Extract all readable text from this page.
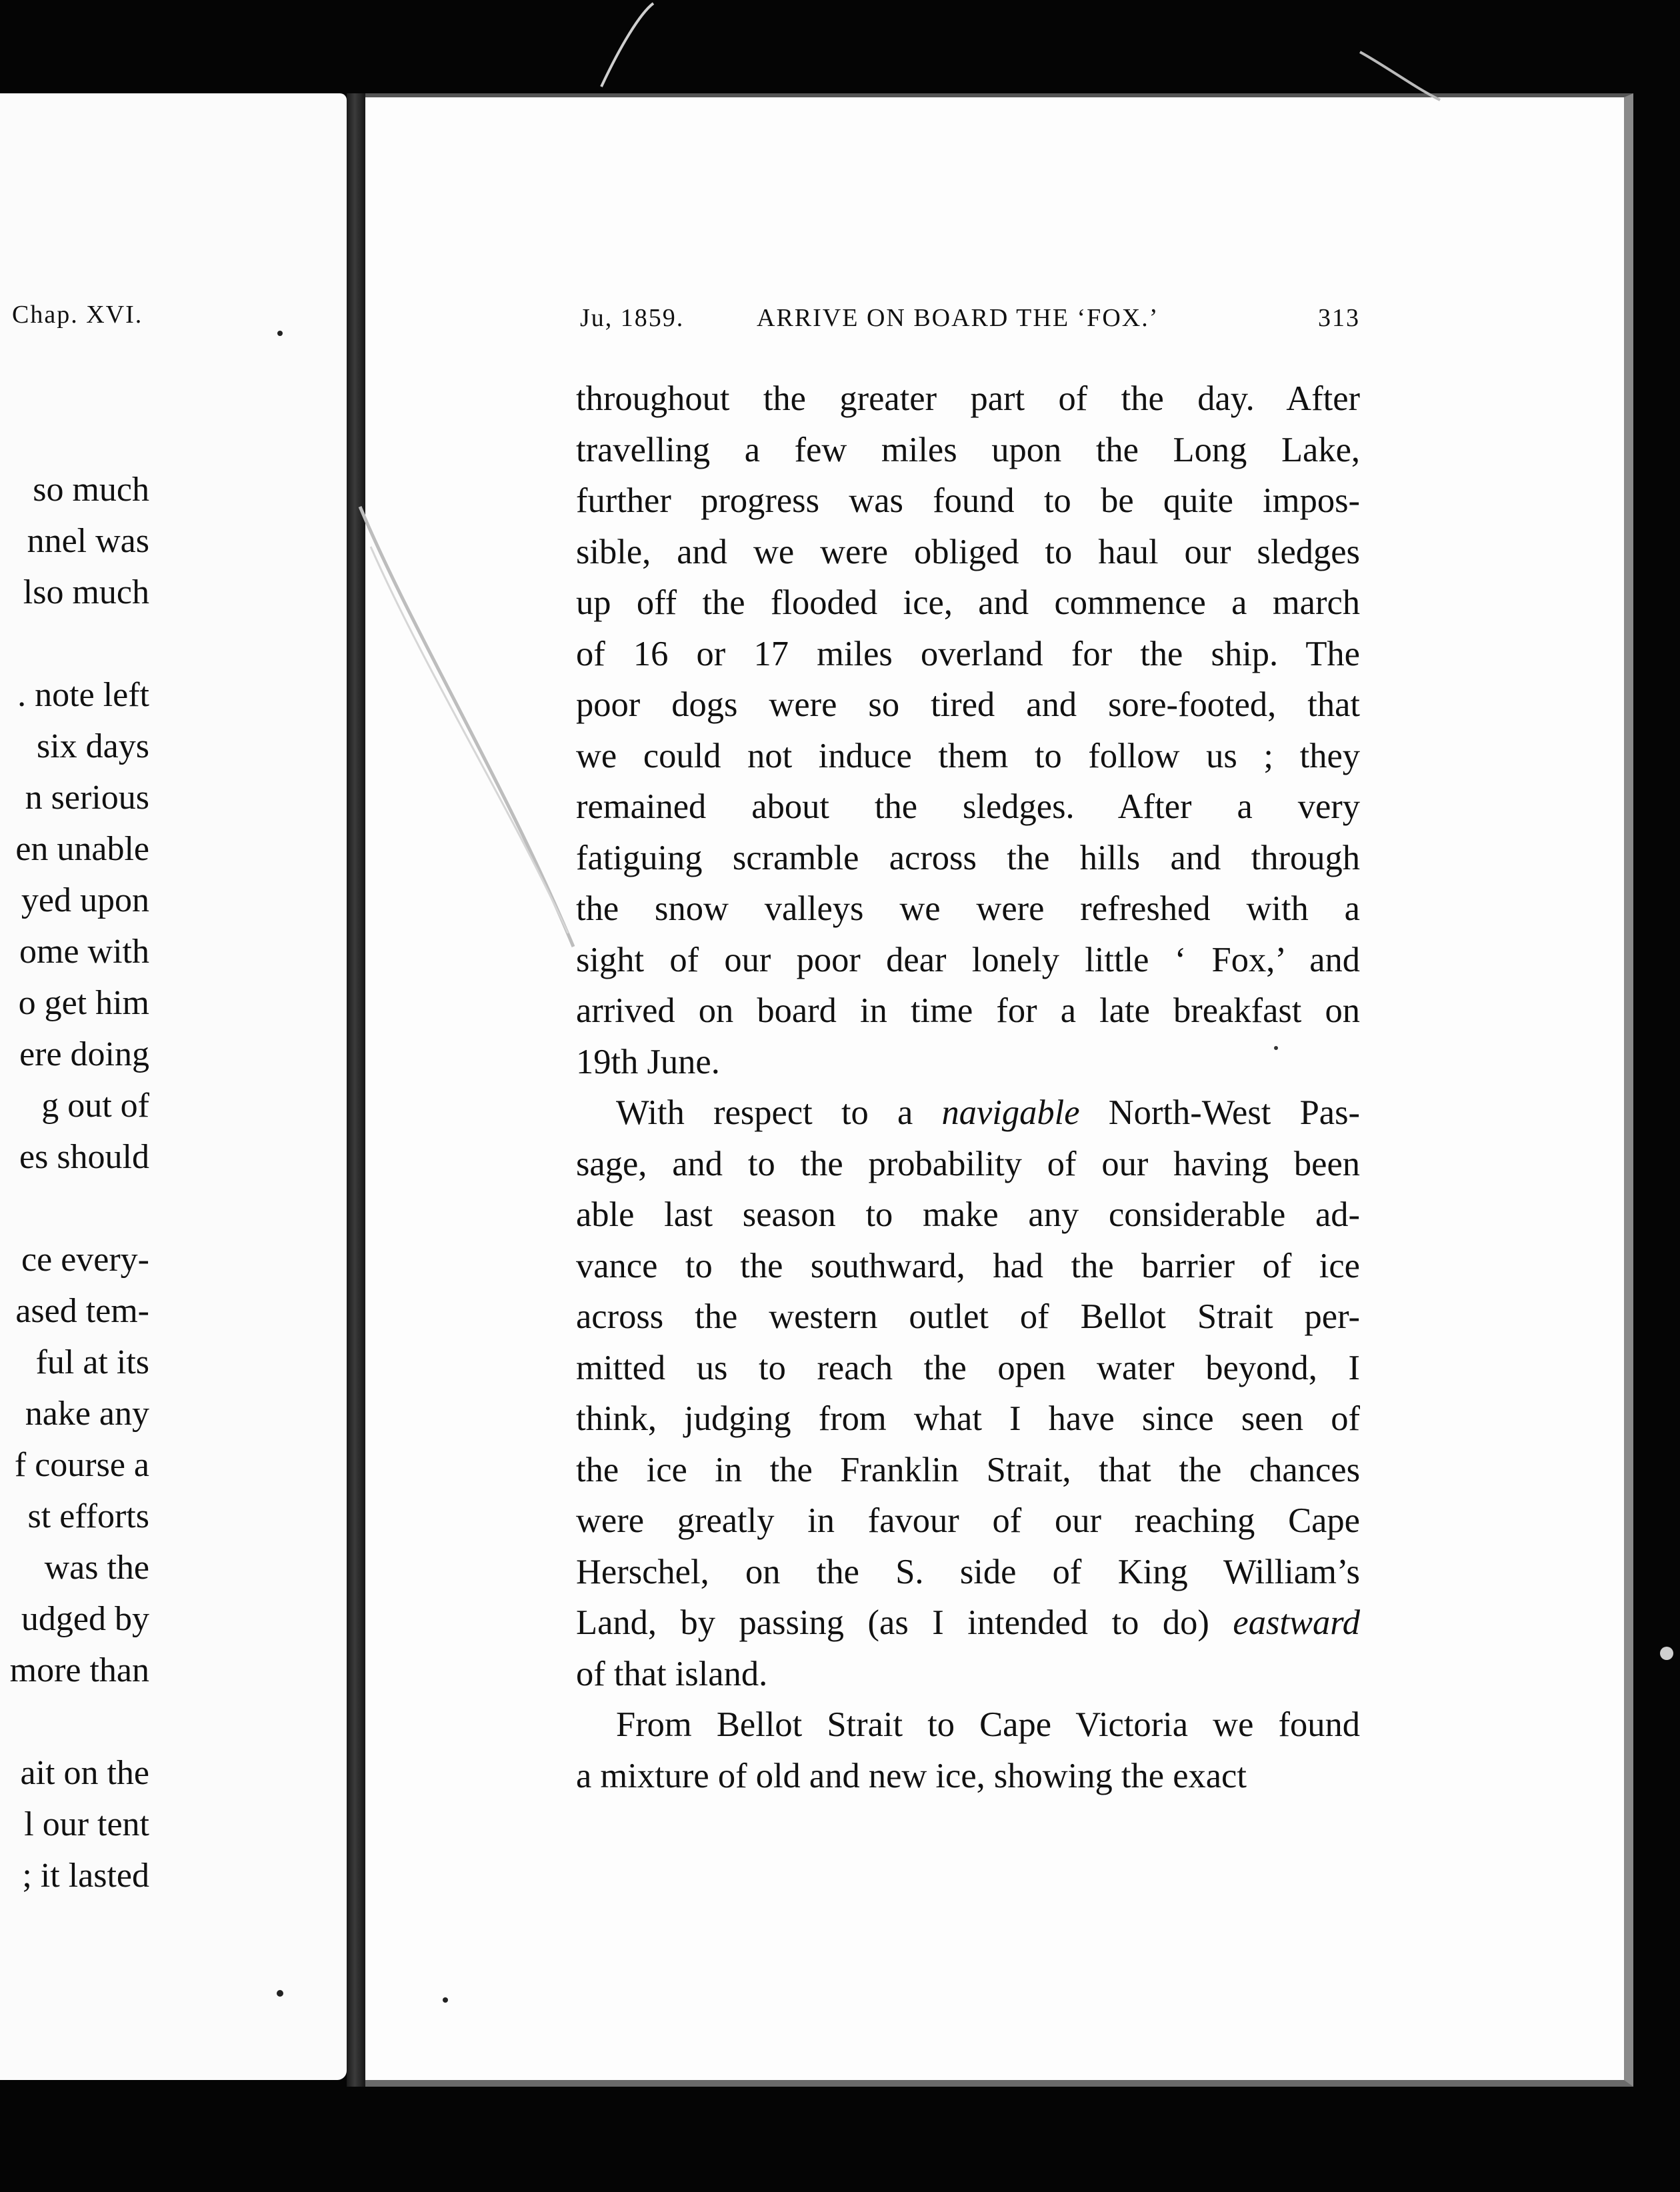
Chap. XVI.
so much
nnel was
lso much
. note left
six days
n serious
en unable
yed upon
ome with
o get him
ere doing
g out of
es should
ce every-
ased tem-
ful at its
nake any
f course a
st efforts
was the
udged by
more than
ait on the
l our tent
; it lasted
Ju, 1859.	ARRIVE ON BOARD THE ‘FOX.’	313
throughout the greater part of the day. After
travelling a few miles upon the Long Lake,
further progress was found to be quite impos-
sible, and we were obliged to haul our sledges
up off the flooded ice, and commence a march
of 16 or 17 miles overland for the ship. The
poor dogs were so tired and sore-footed, that
we could not induce them to follow us ; they
remained about the sledges. After a very
fatiguing scramble across the hills and through
the snow valleys we were refreshed with a
sight of our poor dear lonely little ‘ Fox,’ and
arrived on board in time for a late breakfast on
19th June.
With respect to a navigable North-West Pas-
sage, and to the probability of our having been
able last season to make any considerable ad-
vance to the southward, had the barrier of ice
across the western outlet of Bellot Strait per-
mitted us to reach the open water beyond, I
think, judging from what I have since seen of
the ice in the Franklin Strait, that the chances
were greatly in favour of our reaching Cape
Herschel, on the S. side of King William’s
Land, by passing (as I intended to do) eastward
of that island.
From Bellot Strait to Cape Victoria we found
a mixture of old and new ice, showing the exact
